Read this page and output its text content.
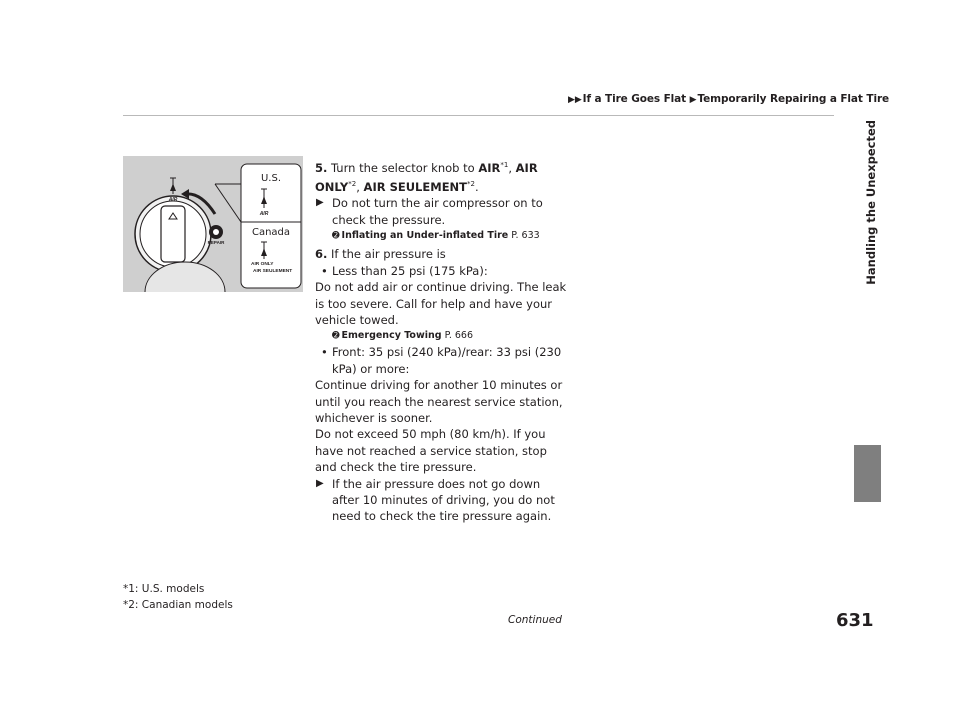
▶▶If a Tire Goes Flat ▶Temporarily Repairing a Flat Tire
Handling the Unexpected
AIR
REPAIR
U.S.
AIR
Canada
AIR ONLY
AIR SEULEMENT
5. Turn the selector knob to AIR$^{*1}$, AIR ONLY$^{*2}$, AIR SEULEMENT$^{*2}$.
▶ Do not turn the air compressor on to check the pressure.
➋ Inflating an Under-inflated Tire P. 633
6. If the air pressure is
• Less than 25 psi (175 kPa):
Do not add air or continue driving. The leak is too severe. Call for help and have your vehicle towed.
➋ Emergency Towing P. 666
• Front: 35 psi (240 kPa)/rear: 33 psi (230 kPa) or more:
Continue driving for another 10 minutes or until you reach the nearest service station, whichever is sooner.
Do not exceed 50 mph (80 km/h). If you have not reached a service station, stop and check the tire pressure.
▶ If the air pressure does not go down after 10 minutes of driving, you do not need to check the tire pressure again.
*1: U.S. models
*2: Canadian models
Continued	631
